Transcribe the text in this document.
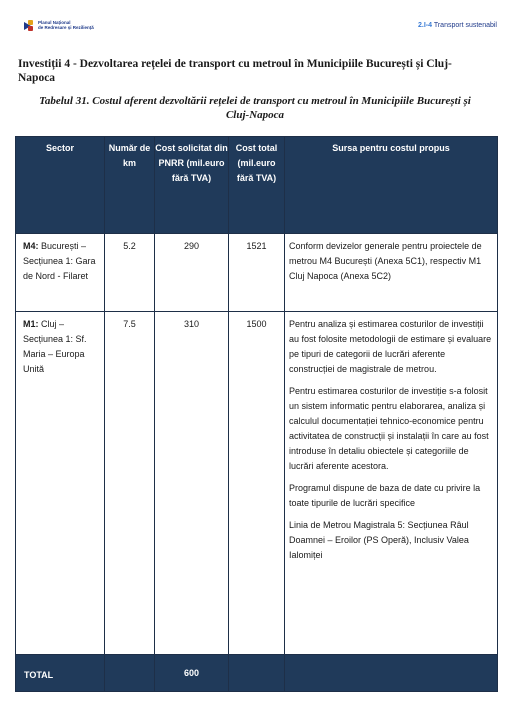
Planul Național
de Redresare și Reziliență	2.I-4 Transport sustenabil
Investiții 4 - Dezvoltarea rețelei de transport cu metroul în Municipiile București și Cluj-Napoca
Tabelul 31. Costul aferent dezvoltării rețelei de transport cu metroul în Municipiile București și Cluj-Napoca
Sector	Număr de km	Cost solicitat din PNRR (mil.euro fără TVA)	Cost total (mil.euro fără TVA)	Sursa pentru costul propus
M4: București – Secțiunea 1: Gara de Nord - Filaret	5.2	290	1521	Conform devizelor generale pentru proiectele de metrou M4 București (Anexa 5C1), respectiv M1 Cluj Napoca (Anexa 5C2)

M1: Cluj – Secțiunea 1: Sf. Maria – Europa Unită	7.5	310	1500	Pentru analiza și estimarea costurilor de investiții au fost folosite metodologii de estimare și evaluare pe tipuri de categorii de lucrări aferente construcției de magistrale de metrou.

Pentru estimarea costurilor de investiție s-a folosit un sistem informatic pentru elaborarea, analiza și calculul documentației tehnico-economice pentru activitatea de construcții și instalații în care au fost introduse în detaliu obiectele și categoriile de lucrări aferente acestora.

Programul dispune de baza de date cu privire la toate tipurile de lucrări specifice

Linia de Metrou Magistrala 5: Secțiunea Râul Doamnei – Eroilor (PS Operă), Inclusiv Valea Ialomiței

TOTAL		600		
